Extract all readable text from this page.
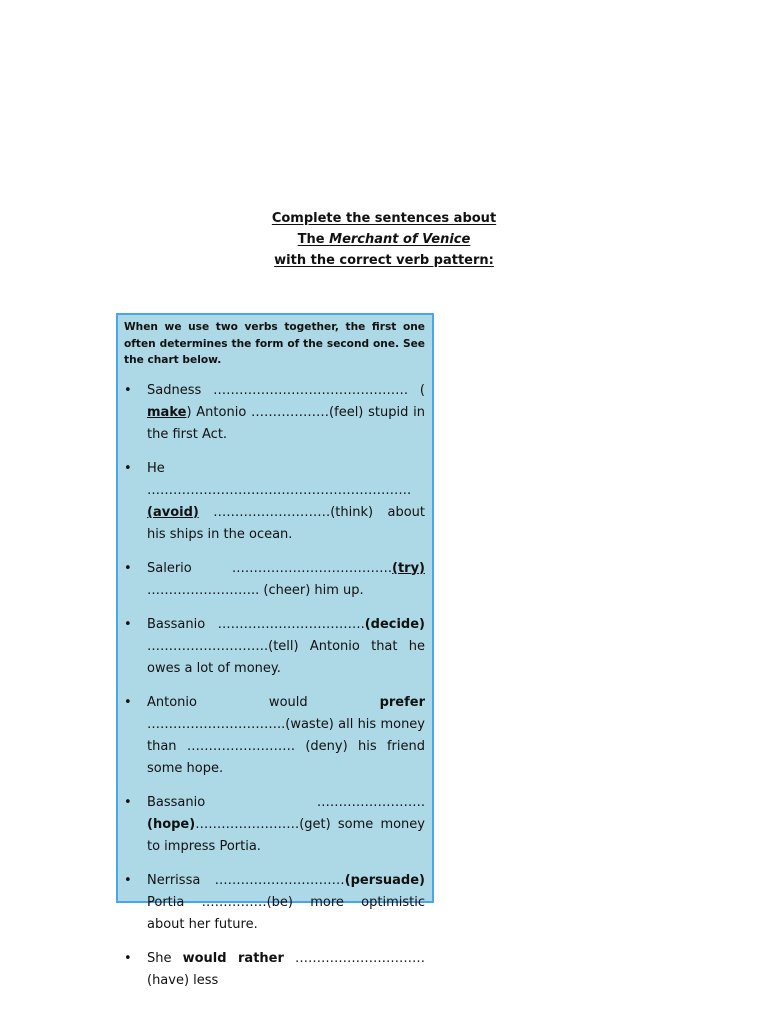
Complete the sentences about
The Merchant of Venice
with the correct verb pattern:

When we use two verbs together, the first one often determines the form of the second one. See the chart below.

• Sadness ……………………………………… ( make) Antonio ………………(feel) stupid in the first Act.
• He …………………………………………………….(avoid) ………………………(think) about his ships in the ocean.
• Salerio ……………………………….(try) …………………….. (cheer) him up.
• Bassanio …………………………….(decide) ……………………….(tell) Antonio that he owes a lot of money.
• Antonio would prefer …………………………..(waste) all his money than ……………………. (deny) his friend some hope.
• Bassanio …………………….(hope)……………………(get) some money to impress Portia.
• Nerrissa …………………………(persuade) Portia ……………(be) more optimistic about her future.
• She would rather …………………………(have) less
